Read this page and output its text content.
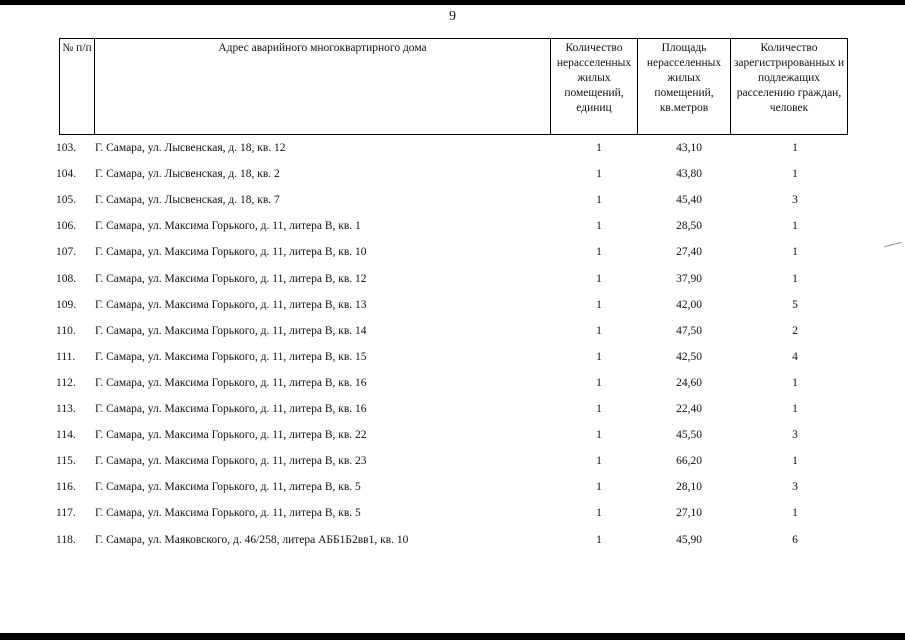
9
№ п/п	Адрес аварийного многоквартирного дома	Количество нерасселенных жилых помещений, единиц	Площадь нерасселенных жилых помещений, кв.метров	Количество зарегистрированных и подлежащих расселению граждан, человек
103.	Г. Самара, ул. Лысвенская, д. 18, кв. 12	1	43,10	1
104.	Г. Самара, ул. Лысвенская, д. 18, кв. 2	1	43,80	1
105.	Г. Самара, ул. Лысвенская, д. 18, кв. 7	1	45,40	3
106.	Г. Самара, ул. Максима Горького, д. 11, литера В, кв. 1	1	28,50	1
107.	Г. Самара, ул. Максима Горького, д. 11, литера В, кв. 10	1	27,40	1
108.	Г. Самара, ул. Максима Горького, д. 11, литера В, кв. 12	1	37,90	1
109.	Г. Самара, ул. Максима Горького, д. 11, литера В, кв. 13	1	42,00	5
110.	Г. Самара, ул. Максима Горького, д. 11, литера В, кв. 14	1	47,50	2
111.	Г. Самара, ул. Максима Горького, д. 11, литера В, кв. 15	1	42,50	4
112.	Г. Самара, ул. Максима Горького, д. 11, литера В, кв. 16	1	24,60	1
113.	Г. Самара, ул. Максима Горького, д. 11, литера В, кв. 16	1	22,40	1
114.	Г. Самара, ул. Максима Горького, д. 11, литера В, кв. 22	1	45,50	3
115.	Г. Самара, ул. Максима Горького, д. 11, литера В, кв. 23	1	66,20	1
116.	Г. Самара, ул. Максима Горького, д. 11, литера В, кв. 5	1	28,10	3
117.	Г. Самара, ул. Максима Горького, д. 11, литера В, кв. 5	1	27,10	1
118.	Г. Самара, ул. Маяковского, д. 46/258, литера АББ1Б2вв1, кв. 10	1	45,90	6
